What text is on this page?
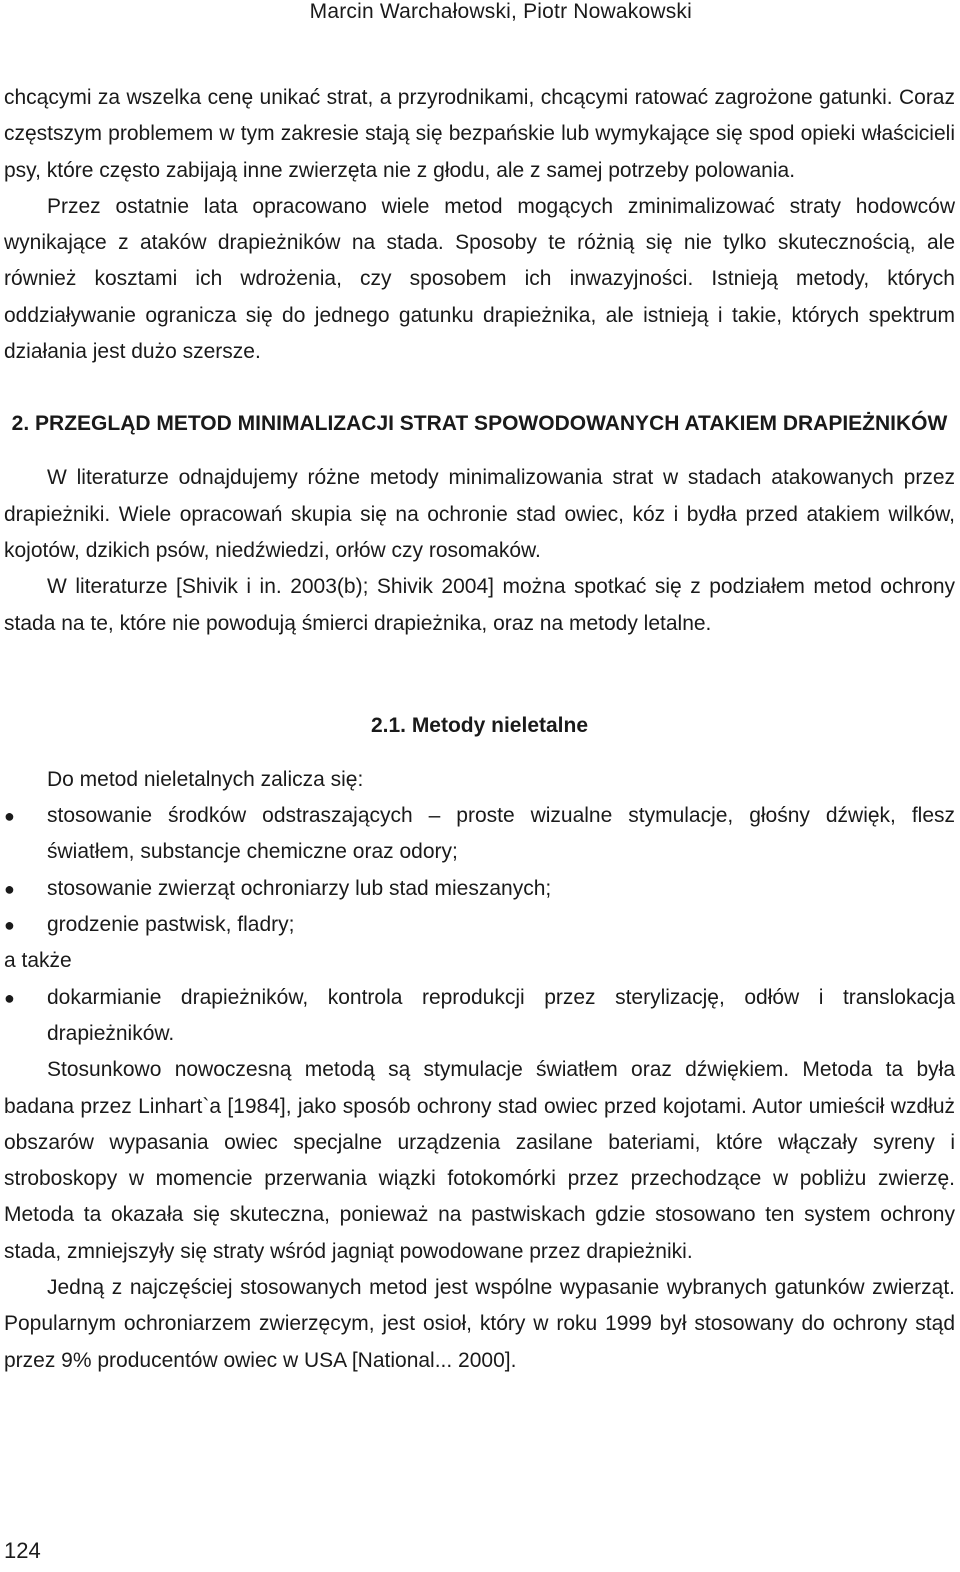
Marcin Warchałowski, Piotr Nowakowski

chcącymi za wszelka cenę unikać strat, a przyrodnikami, chcącymi ratować zagrożone gatunki. Coraz częstszym problemem w tym zakresie stają się bezpańskie lub wymykające się spod opieki właścicieli psy, które często zabijają inne zwierzęta nie z głodu, ale z samej potrzeby polowania.

Przez ostatnie lata opracowano wiele metod mogących zminimalizować straty hodowców wynikające z ataków drapieżników na stada. Sposoby te różnią się nie tylko skutecznością, ale również kosztami ich wdrożenia, czy sposobem ich inwazyjności. Istnieją metody, których oddziaływanie ogranicza się do jednego gatunku drapieżnika, ale istnieją i takie, których spektrum działania jest dużo szersze.

2. PRZEGLĄD METOD MINIMALIZACJI STRAT SPOWODOWANYCH ATAKIEM DRAPIEŻNIKÓW

W literaturze odnajdujemy różne metody minimalizowania strat w stadach atakowanych przez drapieżniki. Wiele opracowań skupia się na ochronie stad owiec, kóz i bydła przed atakiem wilków, kojotów, dzikich psów, niedźwiedzi, orłów czy rosomaków.

W literaturze [Shivik i in. 2003(b); Shivik 2004] można spotkać się z podziałem metod ochrony stada na te, które nie powodują śmierci drapieżnika, oraz na metody letalne.

2.1. Metody nieletalne

Do metod nieletalnych zalicza się:

●	stosowanie środków odstraszających – proste wizualne stymulacje, głośny dźwięk, flesz światłem, substancje chemiczne oraz odory;
●	stosowanie zwierząt ochroniarzy lub stad mieszanych;
●	grodzenie pastwisk, fladry;

a także

●	dokarmianie drapieżników, kontrola reprodukcji przez sterylizację, odłów i translokacja drapieżników.

Stosunkowo nowoczesną metodą są stymulacje światłem oraz dźwiękiem. Metoda ta była badana przez Linhart`a [1984], jako sposób ochrony stad owiec przed kojotami. Autor umieścił wzdłuż obszarów wypasania owiec specjalne urządzenia zasilane bateriami, które włączały syreny i stroboskopy w momencie przerwania wiązki fotokomórki przez przechodzące w pobliżu zwierzę. Metoda ta okazała się skuteczna, ponieważ na pastwiskach gdzie stosowano ten system ochrony stada, zmniejszyły się straty wśród jagniąt powodowane przez drapieżniki.

Jedną z najczęściej stosowanych metod jest wspólne wypasanie wybranych gatunków zwierząt. Popularnym ochroniarzem zwierzęcym, jest osioł, który w roku 1999 był stosowany do ochrony stąd przez 9% producentów owiec w USA [National... 2000].

124
